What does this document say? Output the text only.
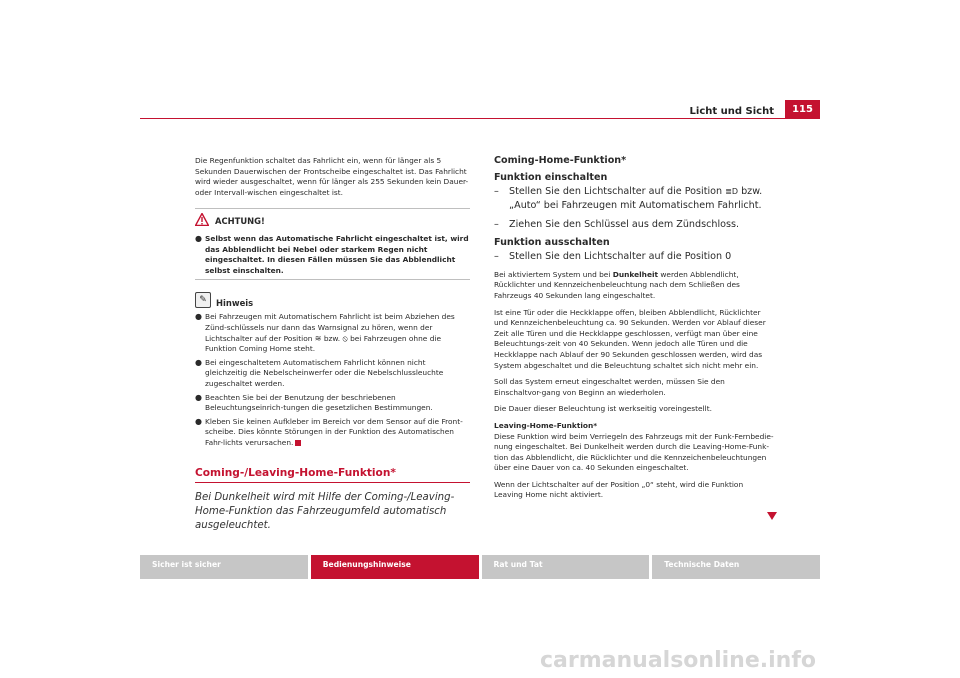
Licht und Sicht	115

Die Regenfunktion schaltet das Fahrlicht ein, wenn für länger als 5 Sekunden Dauerwischen der Frontscheibe eingeschaltet ist. Das Fahrlicht wird wieder ausgeschaltet, wenn für länger als 255 Sekunden kein Dauer- oder Intervall-wischen eingeschaltet ist.

ACHTUNG!
● Selbst wenn das Automatische Fahrlicht eingeschaltet ist, wird das Abblendlicht bei Nebel oder starkem Regen nicht eingeschaltet. In diesen Fällen müssen Sie das Abblendlicht selbst einschalten.
✎	Hinweis
● Bei Fahrzeugen mit Automatischem Fahrlicht ist beim Abziehen des Zünd-schlüssels nur dann das Warnsignal zu hören, wenn der Lichtschalter auf der Position ≋ bzw. ⦸ bei Fahrzeugen ohne die Funktion Coming Home steht.
● Bei eingeschaltetem Automatischem Fahrlicht können nicht gleichzeitig die Nebelscheinwerfer oder die Nebelschlussleuchte zugeschaltet werden.
● Beachten Sie bei der Benutzung der beschriebenen Beleuchtungseinrich-tungen die gesetzlichen Bestimmungen.
● Kleben Sie keinen Aufkleber im Bereich vor dem Sensor auf die Front-scheibe. Dies könnte Störungen in der Funktion des Automatischen Fahr-lichts verursachen.
Coming-/Leaving-Home-Funktion*
Bei Dunkelheit wird mit Hilfe der Coming-/Leaving-Home-Funktion das Fahrzeugumfeld automatisch ausgeleuchtet.

Coming-Home-Funktion*

Funktion einschalten

–	Stellen Sie den Lichtschalter auf die Position ≣D bzw. „Auto“ bei Fahrzeugen mit Automatischem Fahrlicht.
–	Ziehen Sie den Schlüssel aus dem Zündschloss.

Funktion ausschalten

–	Stellen Sie den Lichtschalter auf die Position 0

Bei aktiviertem System und bei Dunkelheit werden Abblendlicht, Rücklichter und Kennzeichenbeleuchtung nach dem Schließen des Fahrzeugs 40 Sekunden lang eingeschaltet.

Ist eine Tür oder die Heckklappe offen, bleiben Abblendlicht, Rücklichter und Kennzeichenbeleuchtung ca. 90 Sekunden. Werden vor Ablauf dieser Zeit alle Türen und die Heckklappe geschlossen, verfügt man über eine Beleuchtungs-zeit von 40 Sekunden. Wenn jedoch alle Türen und die Heckklappe nach Ablauf der 90 Sekunden geschlossen werden, wird das System abgeschaltet und die Beleuchtung schaltet sich nicht mehr ein.

Soll das System erneut eingeschaltet werden, müssen Sie den Einschaltvor-gang von Beginn an wiederholen.

Die Dauer dieser Beleuchtung ist werkseitig voreingestellt.

Leaving-Home-Funktion*

Diese Funktion wird beim Verriegeln des Fahrzeugs mit der Funk-Fernbedie-nung eingeschaltet. Bei Dunkelheit werden durch die Leaving-Home-Funk-tion das Abblendlicht, die Rücklichter und die Kennzeichenbeleuchtungen über eine Dauer von ca. 40 Sekunden eingeschaltet.

Wenn der Lichtschalter auf der Position „0“ steht, wird die Funktion Leaving Home nicht aktiviert.

Sicher ist sicher	Bedienungshinweise	Rat und Tat	Technische Daten
carmanualsonline.info
